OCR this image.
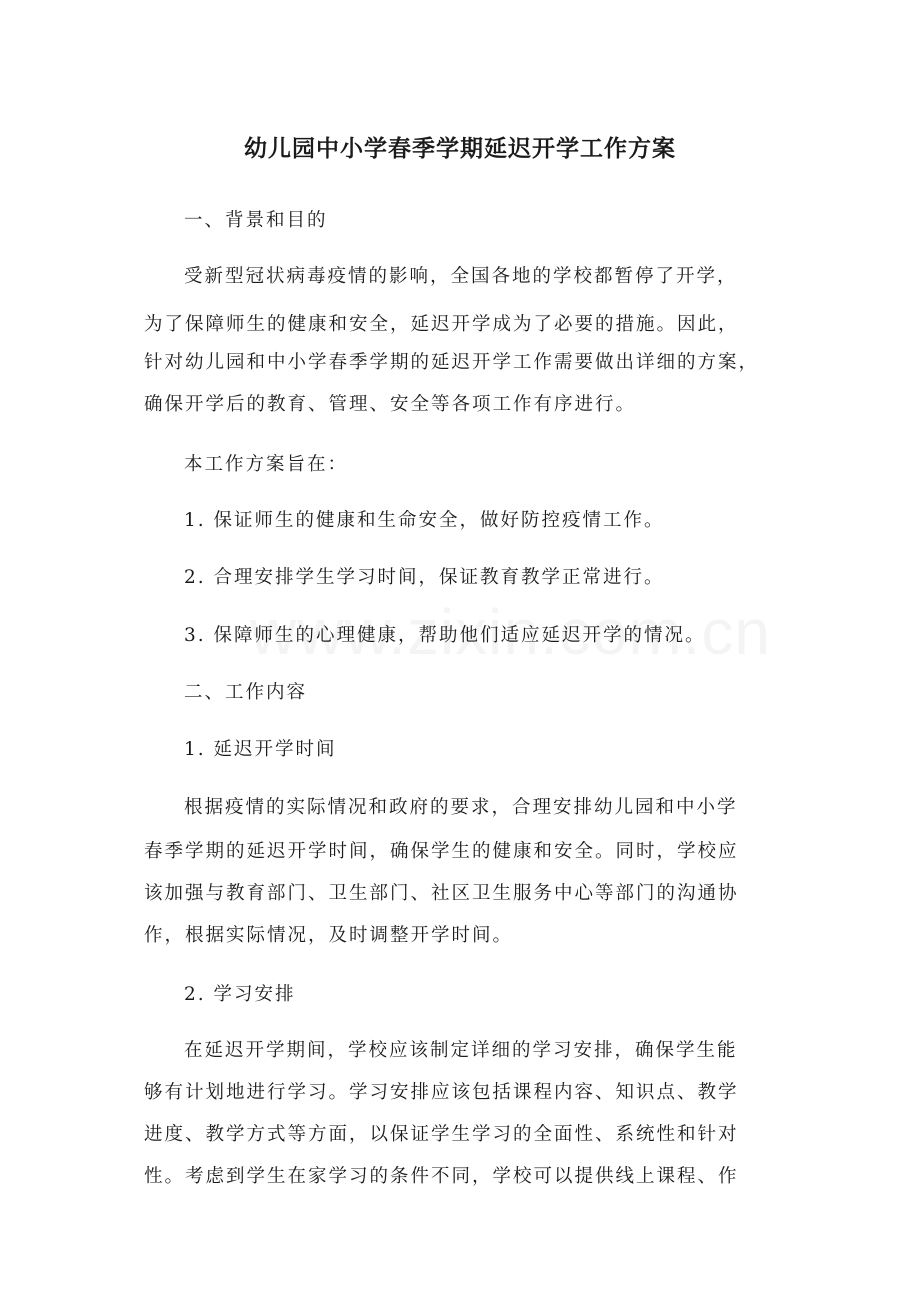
幼儿园中小学春季学期延迟开学工作方案
一、背景和目的
受新型冠状病毒疫情的影响，全国各地的学校都暂停了开学，
为了保障师生的健康和安全，延迟开学成为了必要的措施。因此，
针对幼儿园和中小学春季学期的延迟开学工作需要做出详细的方案，
确保开学后的教育、管理、安全等各项工作有序进行。
本工作方案旨在：
1. 保证师生的健康和生命安全，做好防控疫情工作。
2. 合理安排学生学习时间，保证教育教学正常进行。
3. 保障师生的心理健康，帮助他们适应延迟开学的情况。
二、工作内容
1. 延迟开学时间
根据疫情的实际情况和政府的要求，合理安排幼儿园和中小学
春季学期的延迟开学时间，确保学生的健康和安全。同时，学校应
该加强与教育部门、卫生部门、社区卫生服务中心等部门的沟通协
作，根据实际情况，及时调整开学时间。
2. 学习安排
在延迟开学期间，学校应该制定详细的学习安排，确保学生能
够有计划地进行学习。学习安排应该包括课程内容、知识点、教学
进度、教学方式等方面，以保证学生学习的全面性、系统性和针对
性。考虑到学生在家学习的条件不同，学校可以提供线上课程、作
